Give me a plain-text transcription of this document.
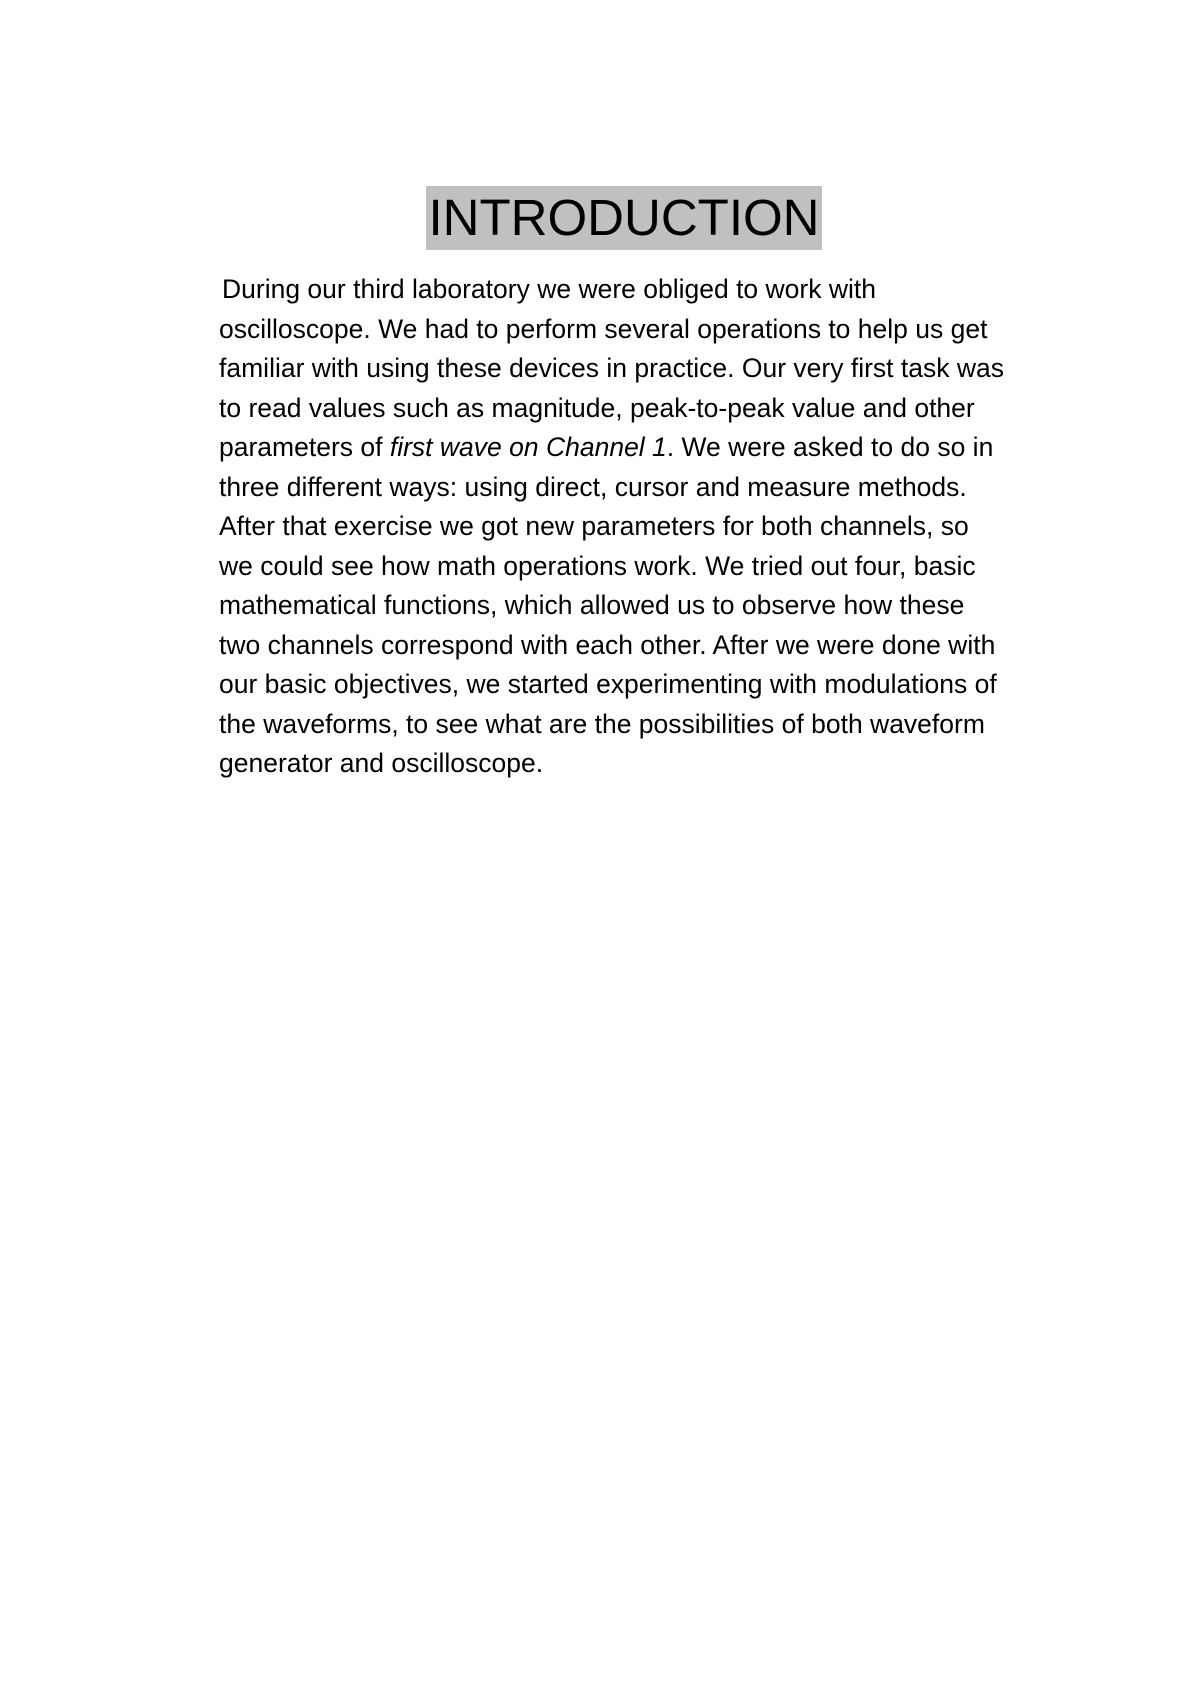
INTRODUCTION

During our third laboratory we were obliged to work with
oscilloscope. We had to perform several operations to help us get
familiar with using these devices in practice. Our very first task was
to read values such as magnitude, peak-to-peak value and other
parameters of first wave on Channel 1. We were asked to do so in
three different ways: using direct, cursor and measure methods.
After that exercise we got new parameters for both channels, so
we could see how math operations work. We tried out four, basic
mathematical functions, which allowed us to observe how these
two channels correspond with each other. After we were done with
our basic objectives, we started experimenting with modulations of
the waveforms, to see what are the possibilities of both waveform
generator and oscilloscope.
